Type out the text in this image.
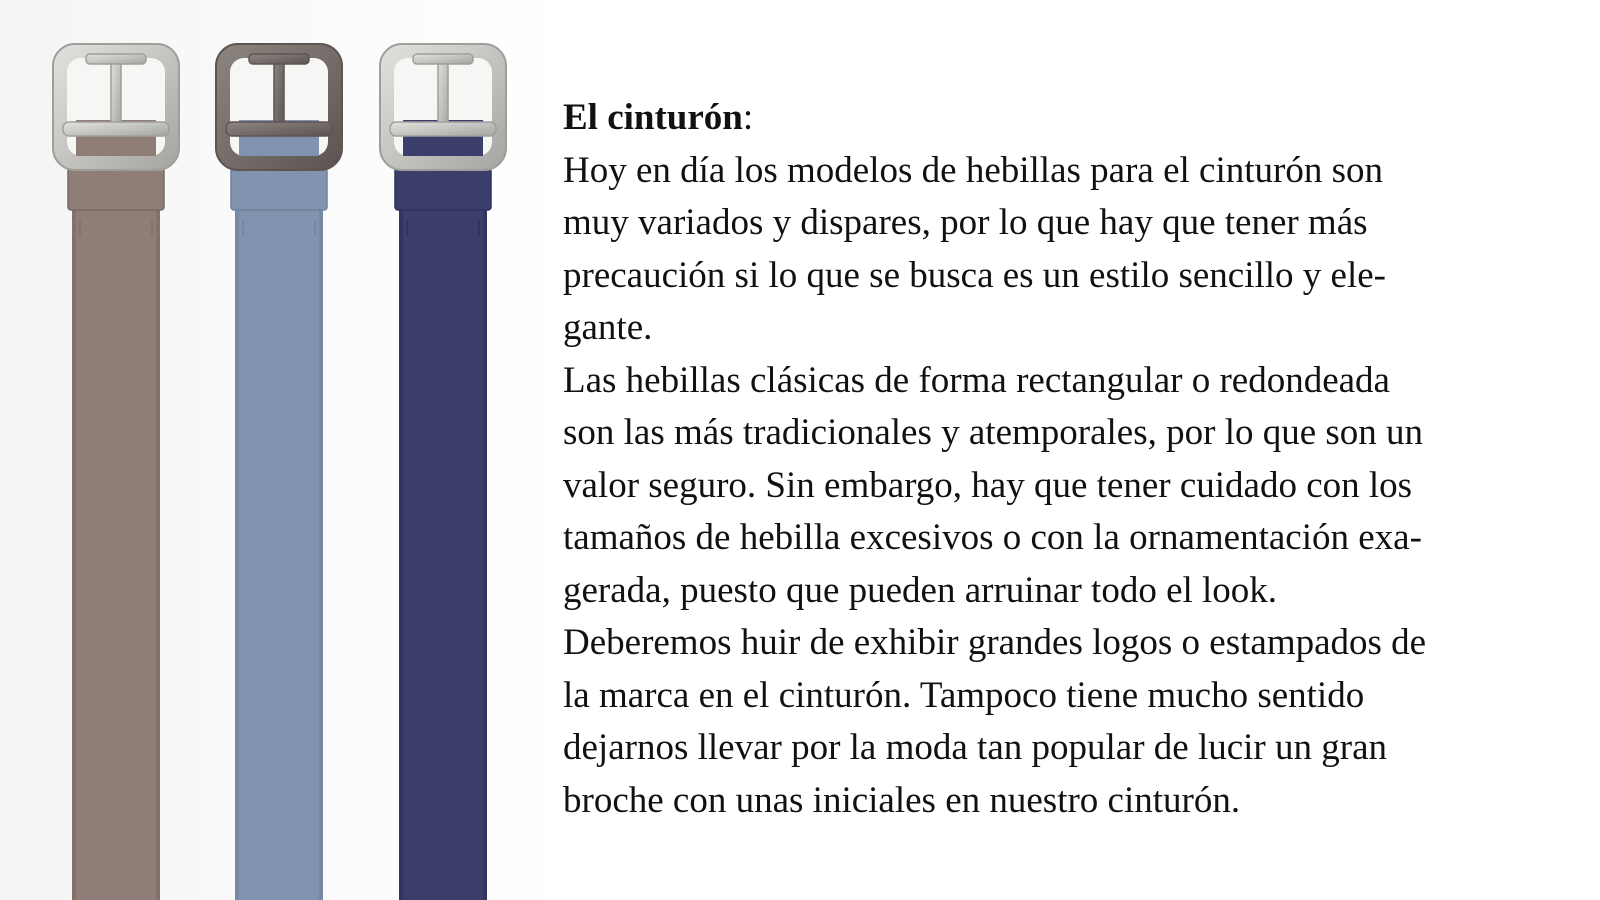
El cinturón:
Hoy en día los modelos de hebillas para el cinturón son
muy variados y dispares, por lo que hay que tener más
precaución si lo que se busca es un estilo sencillo y ele-
gante.
Las hebillas clásicas de forma rectangular o redondeada
son las más tradicionales y atemporales, por lo que son un
valor seguro. Sin embargo, hay que tener cuidado con los
tamaños de hebilla excesivos o con la ornamentación exa-
gerada, puesto que pueden arruinar todo el look.
Deberemos huir de exhibir grandes logos o estampados de
la marca en el cinturón. Tampoco tiene mucho sentido
dejarnos llevar por la moda tan popular de lucir un gran
broche con unas iniciales en nuestro cinturón.
